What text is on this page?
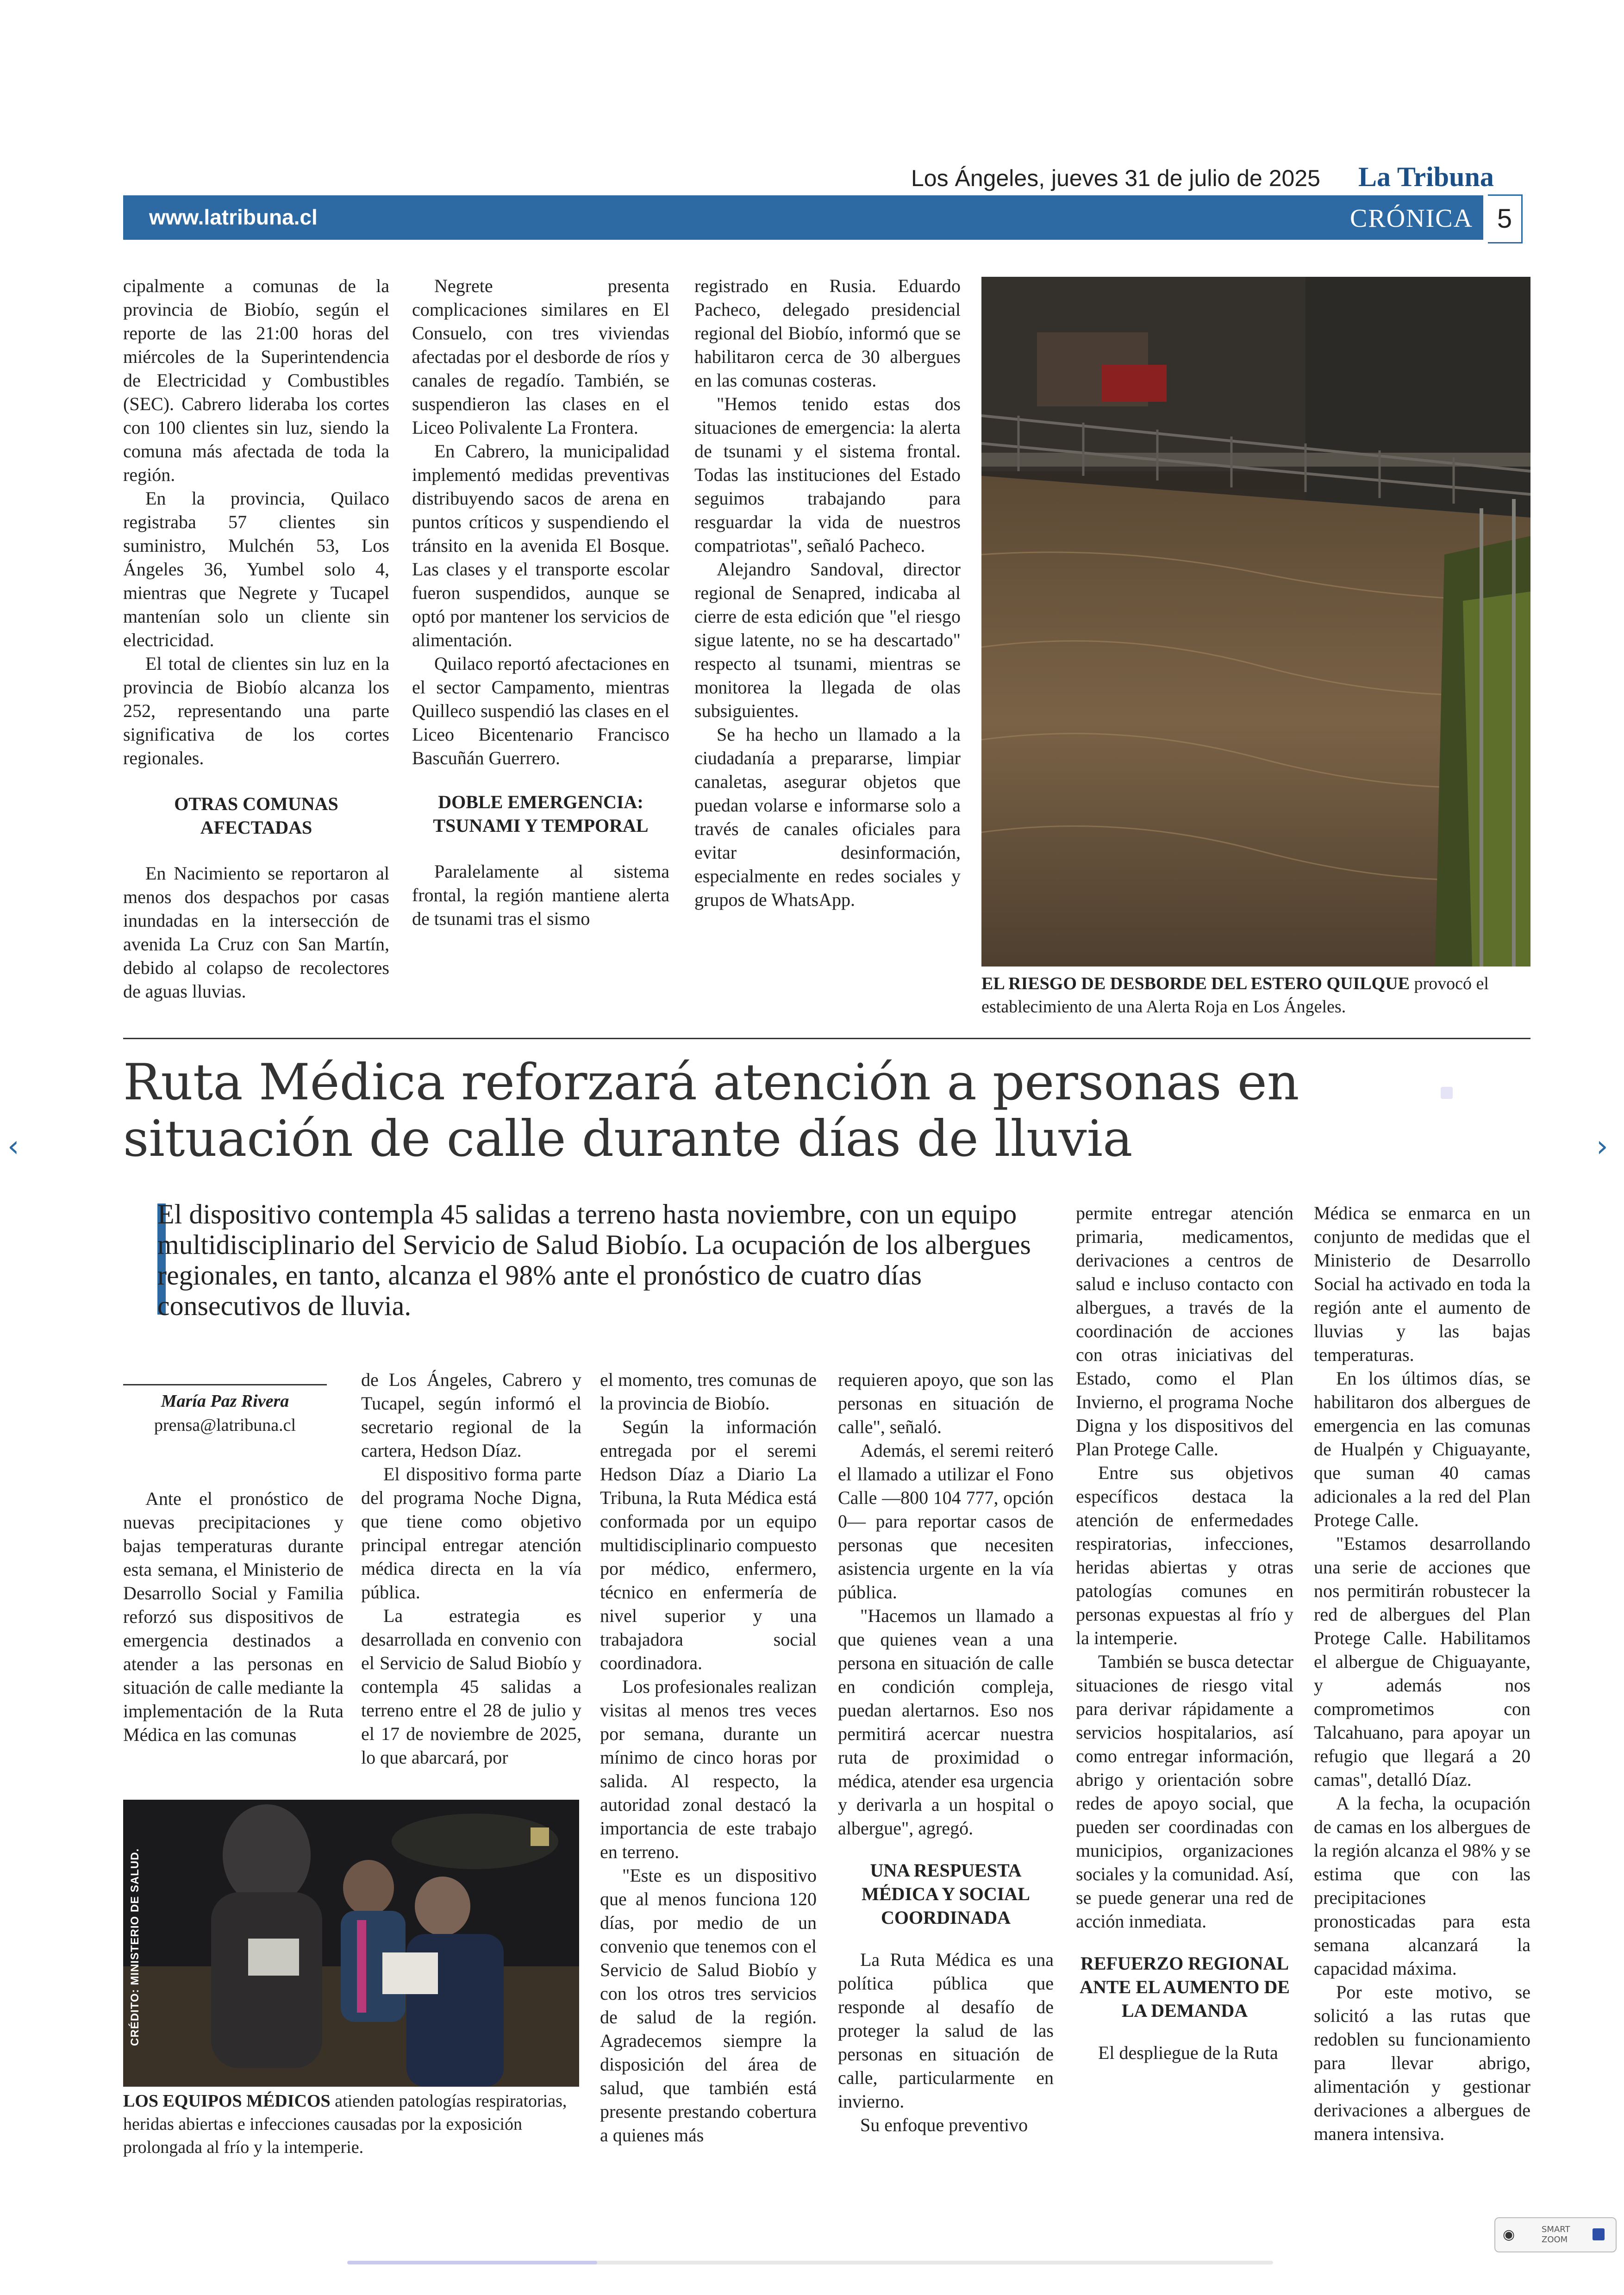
Los Ángeles, jueves 31 de julio de 2025 La Tribuna
www.latribuna.cl	CRÓNICA 5

cipalmente a comunas de la provincia de Biobío, según el reporte de las 21:00 horas del miércoles de la Superintendencia de Electricidad y Combustibles (SEC). Cabrero lideraba los cortes con 100 clientes sin luz, siendo la comuna más afectada de toda la región.

En la provincia, Quilaco registraba 57 clientes sin suministro, Mulchén 53, Los Ángeles 36, Yumbel solo 4, mientras que Negrete y Tucapel mantenían solo un cliente sin electricidad.

El total de clientes sin luz en la provincia de Biobío alcanza los 252, representando una parte significativa de los cortes regionales.

OTRAS COMUNAS AFECTADAS

En Nacimiento se reportaron al menos dos despachos por casas inundadas en la intersección de avenida La Cruz con San Martín, debido al colapso de recolectores de aguas lluvias.

Negrete presenta complicaciones similares en El Consuelo, con tres viviendas afectadas por el desborde de ríos y canales de regadío. También, se suspendieron las clases en el Liceo Polivalente La Frontera.

En Cabrero, la municipalidad implementó medidas preventivas distribuyendo sacos de arena en puntos críticos y suspendiendo el tránsito en la avenida El Bosque. Las clases y el transporte escolar fueron suspendidos, aunque se optó por mantener los servicios de alimentación.

Quilaco reportó afectaciones en el sector Campamento, mientras Quilleco suspendió las clases en el Liceo Bicentenario Francisco Bascuñán Guerrero.

DOBLE EMERGENCIA: TSUNAMI Y TEMPORAL

Paralelamente al sistema frontal, la región mantiene alerta de tsunami tras el sismo

registrado en Rusia. Eduardo Pacheco, delegado presidencial regional del Biobío, informó que se habilitaron cerca de 30 albergues en las comunas costeras.

"Hemos tenido estas dos situaciones de emergencia: la alerta de tsunami y el sistema frontal. Todas las instituciones del Estado seguimos trabajando para resguardar la vida de nuestros compatriotas", señaló Pacheco.

Alejandro Sandoval, director regional de Senapred, indicaba al cierre de esta edición que "el riesgo sigue latente, no se ha descartado" respecto al tsunami, mientras se monitorea la llegada de olas subsiguientes.

Se ha hecho un llamado a la ciudadanía a prepararse, limpiar canaletas, asegurar objetos que puedan volarse e informarse solo a través de canales oficiales para evitar desinformación, especialmente en redes sociales y grupos de WhatsApp.

EL RIESGO DE DESBORDE DEL ESTERO QUILQUE provocó el establecimiento de una Alerta Roja en Los Ángeles.
Ruta Médica reforzará atención a personas en situación de calle durante días de lluvia
El dispositivo contempla 45 salidas a terreno hasta noviembre, con un equipo multidisciplinario del Servicio de Salud Biobío. La ocupación de los albergues regionales, en tanto, alcanza el 98% ante el pronóstico de cuatro días consecutivos de lluvia.
María Paz Rivera
prensa@latribuna.cl

Ante el pronóstico de nuevas precipitaciones y bajas temperaturas durante esta semana, el Ministerio de Desarrollo Social y Familia reforzó sus dispositivos de emergencia destinados a atender a las personas en situación de calle mediante la implementación de la Ruta Médica en las comunas

de Los Ángeles, Cabrero y Tucapel, según informó el secretario regional de la cartera, Hedson Díaz.

El dispositivo forma parte del programa Noche Digna, que tiene como objetivo principal entregar atención médica directa en la vía pública.

La estrategia es desarrollada en convenio con el Servicio de Salud Biobío y contempla 45 salidas a terreno entre el 28 de julio y el 17 de noviembre de 2025, lo que abarcará, por

el momento, tres comunas de la provincia de Biobío.

Según la información entregada por el seremi Hedson Díaz a Diario La Tribuna, la Ruta Médica está conformada por un equipo multidisciplinario compuesto por médico, enfermero, técnico en enfermería de nivel superior y una trabajadora social coordinadora.

Los profesionales realizan visitas al menos tres veces por semana, durante un mínimo de cinco horas por salida. Al respecto, la autoridad zonal destacó la importancia de este trabajo en terreno.

"Este es un dispositivo que al menos funciona 120 días, por medio de un convenio que tenemos con el Servicio de Salud Biobío y con los otros tres servicios de salud de la región. Agradecemos siempre la disposición del área de salud, que también está presente prestando cobertura a quienes más

requieren apoyo, que son las personas en situación de calle", señaló.

Además, el seremi reiteró el llamado a utilizar el Fono Calle —800 104 777, opción 0— para reportar casos de personas que necesiten asistencia urgente en la vía pública.

"Hacemos un llamado a que quienes vean a una persona en situación de calle en condición compleja, puedan alertarnos. Eso nos permitirá acercar nuestra ruta de proximidad o médica, atender esa urgencia y derivarla a un hospital o albergue", agregó.

UNA RESPUESTA MÉDICA Y SOCIAL COORDINADA

La Ruta Médica es una política pública que responde al desafío de proteger la salud de las personas en situación de calle, particularmente en invierno.

Su enfoque preventivo

permite entregar atención primaria, medicamentos, derivaciones a centros de salud e incluso contacto con albergues, a través de la coordinación de acciones con otras iniciativas del Estado, como el Plan Invierno, el programa Noche Digna y los dispositivos del Plan Protege Calle.

Entre sus objetivos específicos destaca la atención de enfermedades respiratorias, infecciones, heridas abiertas y otras patologías comunes en personas expuestas al frío y la intemperie.

También se busca detectar situaciones de riesgo vital para derivar rápidamente a servicios hospitalarios, así como entregar información, abrigo y orientación sobre redes de apoyo social, que pueden ser coordinadas con municipios, organizaciones sociales y la comunidad. Así, se puede generar una red de acción inmediata.

REFUERZO REGIONAL ANTE EL AUMENTO DE LA DEMANDA

El despliegue de la Ruta

Médica se enmarca en un conjunto de medidas que el Ministerio de Desarrollo Social ha activado en toda la región ante el aumento de lluvias y las bajas temperaturas.

En los últimos días, se habilitaron dos albergues de emergencia en las comunas de Hualpén y Chiguayante, que suman 40 camas adicionales a la red del Plan Protege Calle.

"Estamos desarrollando una serie de acciones que nos permitirán robustecer la red de albergues del Plan Protege Calle. Habilitamos el albergue de Chiguayante, y además nos comprometimos con Talcahuano, para apoyar un refugio que llegará a 20 camas", detalló Díaz.

A la fecha, la ocupación de camas en los albergues de la región alcanza el 98% y se estima que con las precipitaciones pronosticadas para esta semana alcanzará la capacidad máxima.

Por este motivo, se solicitó a las rutas que redoblen su funcionamiento para llevar abrigo, alimentación y gestionar derivaciones a albergues de manera intensiva.

CRÉDITO: MINISTERIO DE SALUD.
LOS EQUIPOS MÉDICOS atienden patologías respiratorias, heridas abiertas e infecciones causadas por la exposición prolongada al frío y la intemperie.
‹	›
◉	SMART ZOOM
